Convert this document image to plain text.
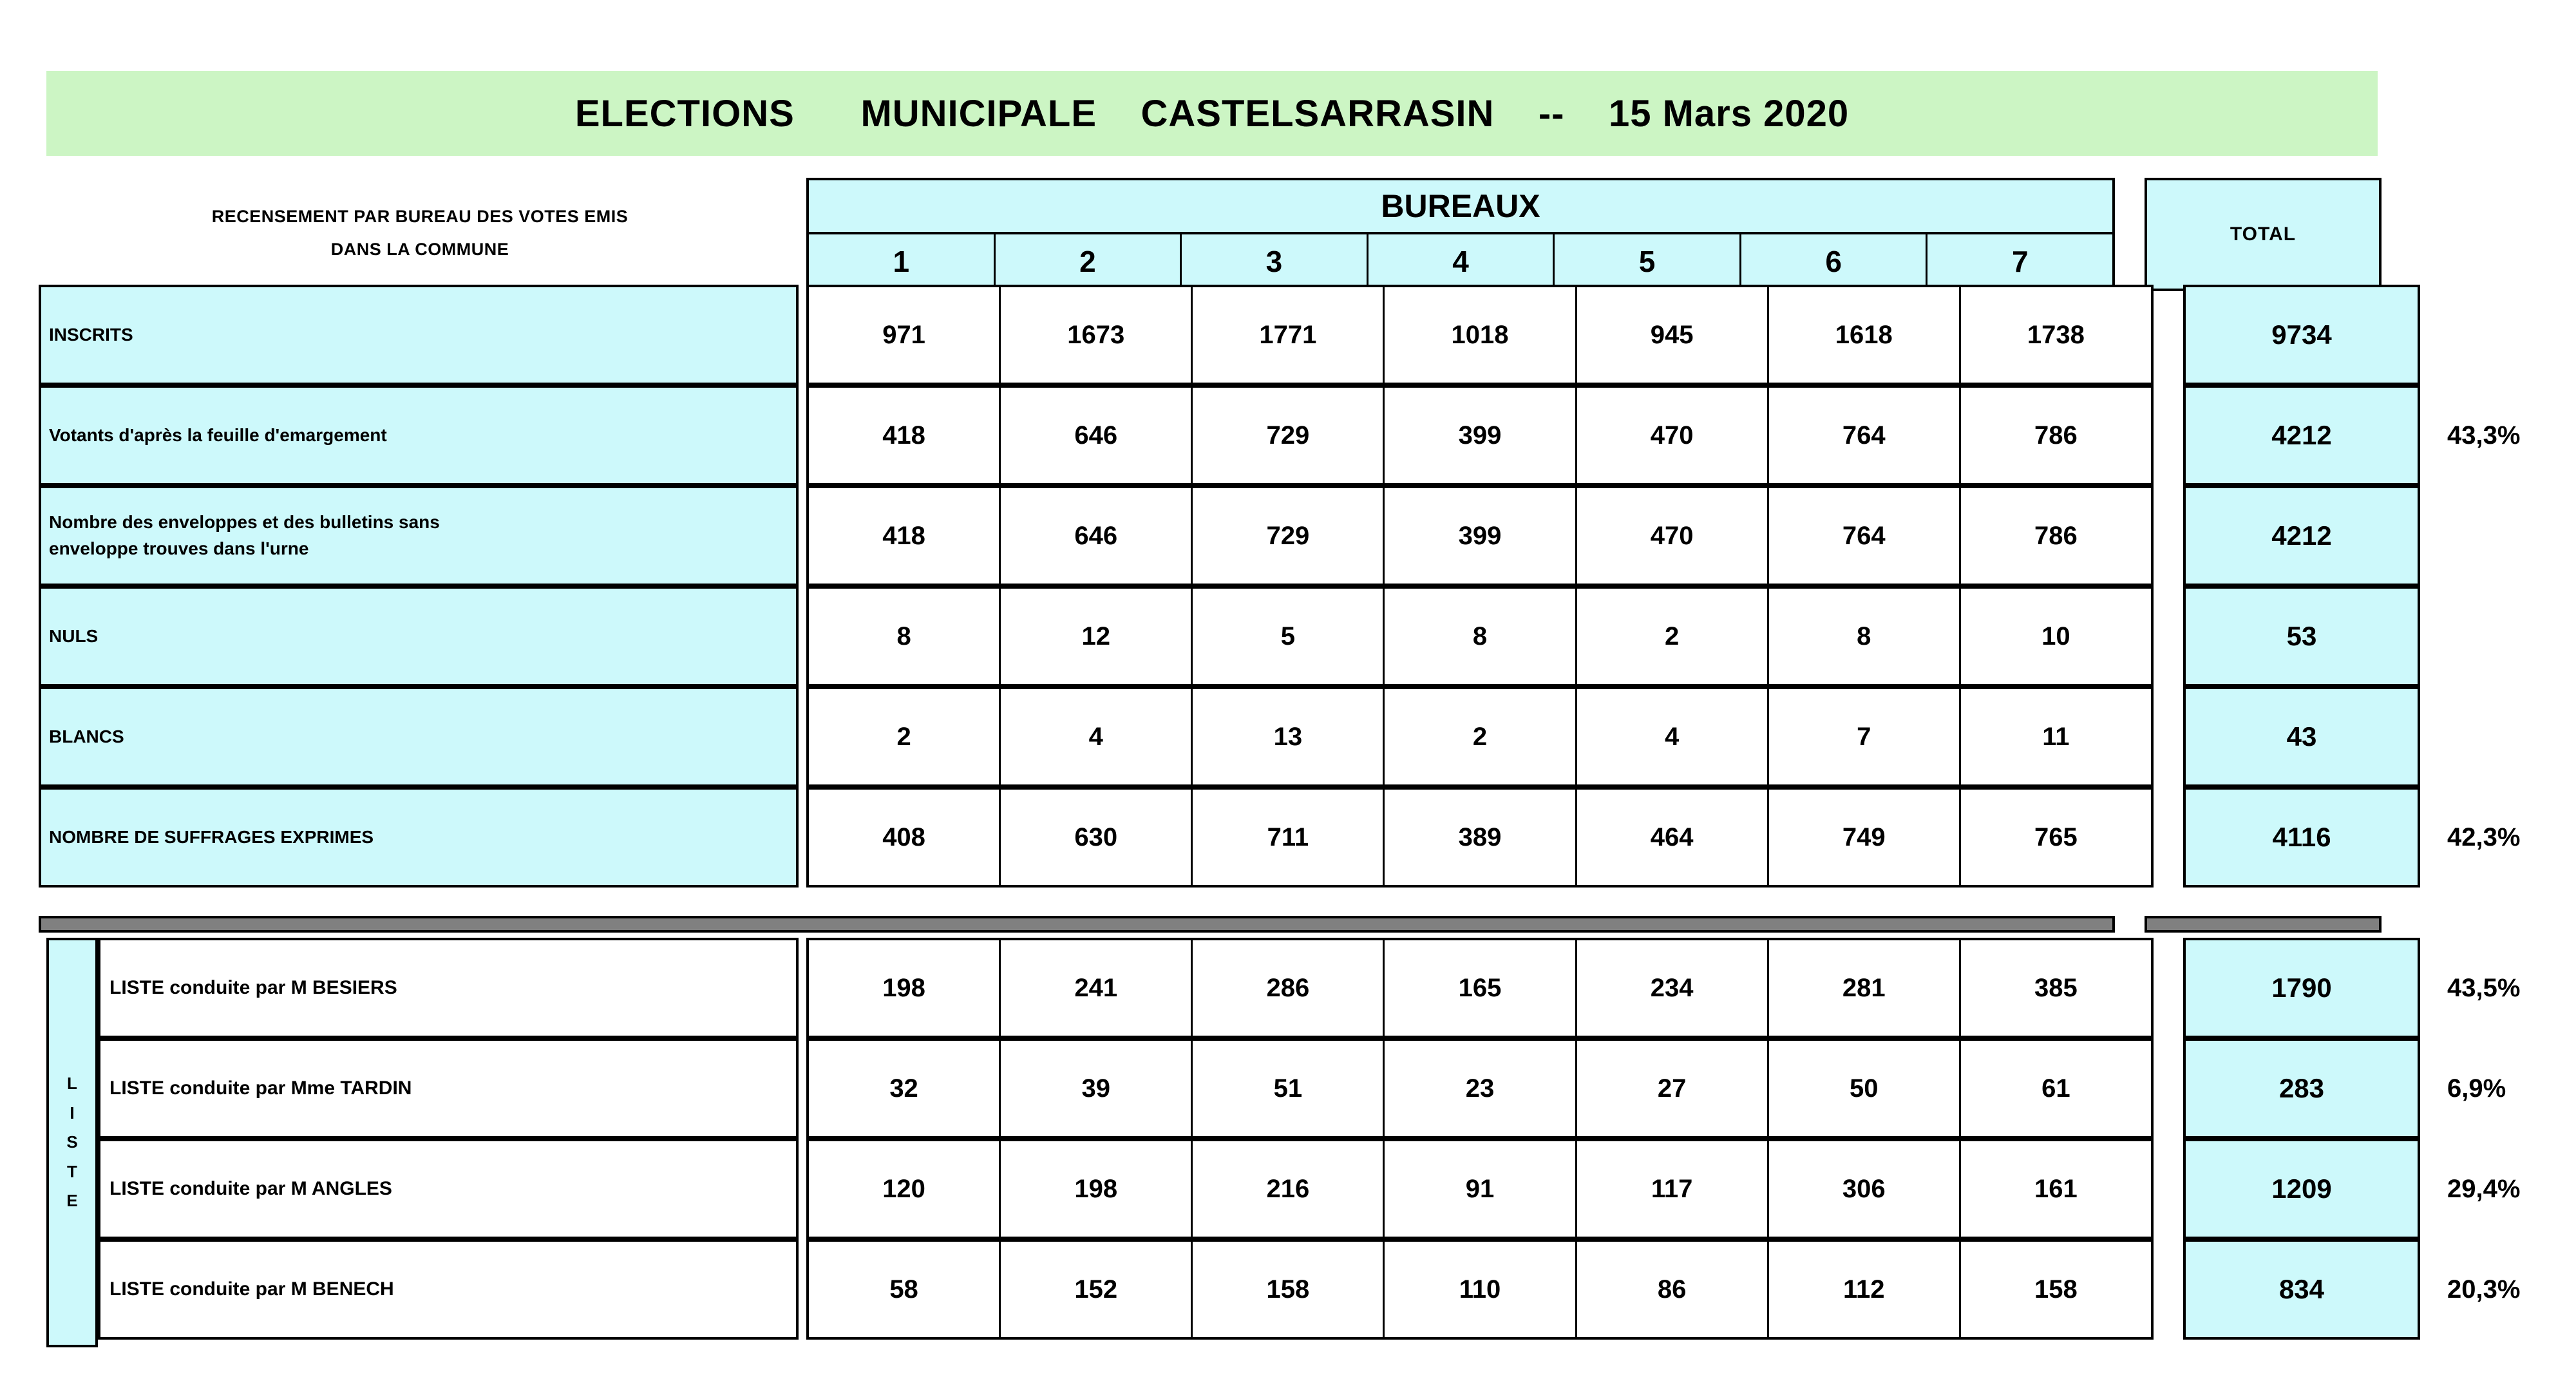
ELECTIONS      MUNICIPALE    CASTELSARRASIN    --    15 Mars 2020
RECENSEMENT PAR BUREAU DES VOTES EMIS
DANS LA COMMUNE
BUREAUX
1	2	3	4	5	6	7
TOTAL
INSCRITS	971	1673	1771	1018	945	1618	1738	9734
Votants d'après la feuille d'emargement	418	646	729	399	470	764	786	4212	43,3%
Nombre des enveloppes et des bulletins sans
enveloppe trouves dans l'urne	418	646	729	399	470	764	786	4212
NULS	8	12	5	8	2	8	10	53
BLANCS	2	4	13	2	4	7	11	43
NOMBRE DE SUFFRAGES EXPRIMES	408	630	711	389	464	749	765	4116	42,3%
L
I
S
T
E
LISTE conduite par M BESIERS	198	241	286	165	234	281	385	1790	43,5%
LISTE conduite par Mme TARDIN	32	39	51	23	27	50	61	283	6,9%
LISTE conduite par M ANGLES	120	198	216	91	117	306	161	1209	29,4%
LISTE conduite par M BENECH	58	152	158	110	86	112	158	834	20,3%
